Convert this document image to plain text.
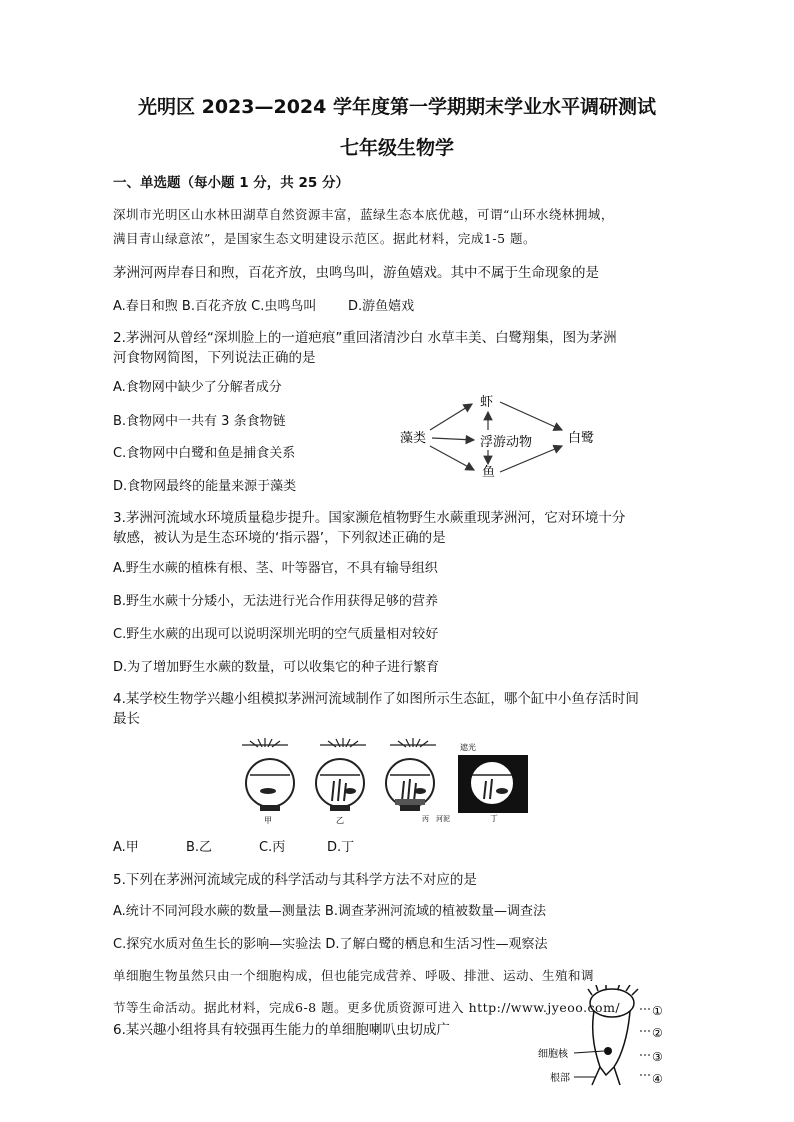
光明区 2023—2024 学年度第一学期期末学业水平调研测试
七年级生物学
一、单选题（每小题 1 分，共 25 分）
深圳市光明区山水林田湖草自然资源丰富，蓝绿生态本底优越，可谓“山环水绕林拥城，
满目青山绿意浓”，是国家生态文明建设示范区。据此材料，完成1-5 题。
茅洲河两岸春日和煦，百花齐放，虫鸣鸟叫，游鱼嬉戏。其中不属于生命现象的是
A.春日和煦 B.百花齐放 C.虫鸣鸟叫 D.游鱼嬉戏
2.茅洲河从曾经“深圳脸上的一道疤痕”重回渚清沙白 水草丰美、白鹭翔集，图为茅洲
河食物网简图，下列说法正确的是
A.食物网中缺少了分解者成分
B.食物网中一共有 3 条食物链
C.食物网中白鹭和鱼是捕食关系
D.食物网最终的能量来源于藻类
藻类
虾
浮游动物
鱼
白鹭
3.茅洲河流域水环境质量稳步提升。国家濒危植物野生水蕨重现茅洲河，它对环境十分
敏感，被认为是生态环境的‘指示器’，下列叙述正确的是
A.野生水蕨的植株有根、茎、叶等器官，不具有输导组织
B.野生水蕨十分矮小，无法进行光合作用获得足够的营养
C.野生水蕨的出现可以说明深圳光明的空气质量相对较好
D.为了增加野生水蕨的数量，可以收集它的种子进行繁育
4.某学校生物学兴趣小组模拟茅洲河流域制作了如图所示生态缸，哪个缸中小鱼存活时间
最长
遮光
甲	乙	丙 河泥	丁
A.甲	B.乙	C.丙	D.丁
5.下列在茅洲河流域完成的科学活动与其科学方法不对应的是
A.统计不同河段水蕨的数量—测量法 B.调查茅洲河流域的植被数量—调查法
C.探究水质对鱼生长的影响—实验法 D.了解白鹭的栖息和生活习性—观察法
单细胞生物虽然只由一个细胞构成，但也能完成营养、呼吸、排泄、运动、生殖和调
节等生命活动。据此材料，完成6-8 题。更多优质资源可进入 http://www.jyeoo.com/
6.某兴趣小组将具有较强再生能力的单细胞喇叭虫切成广
①
②
③
④
细胞核
根部
